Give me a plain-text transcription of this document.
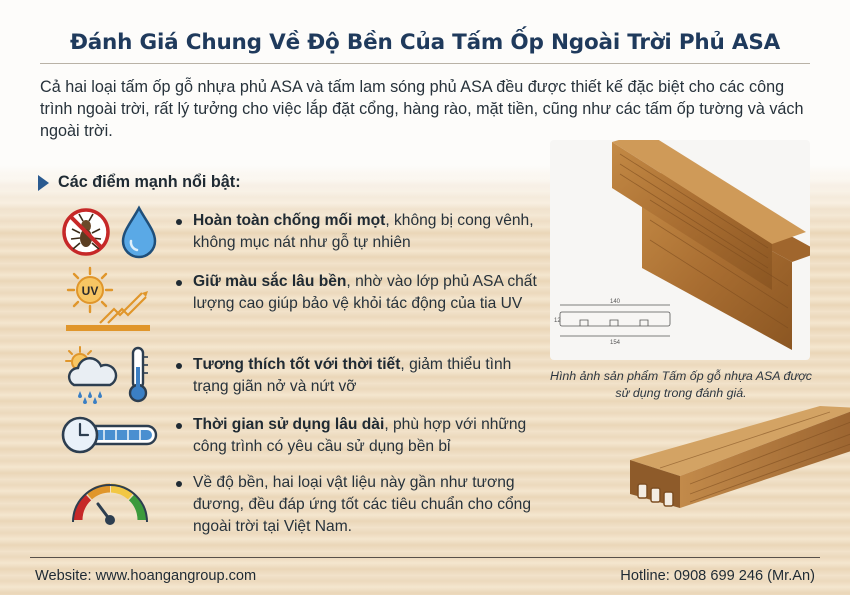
Đánh Giá Chung Về Độ Bền Của Tấm Ốp Ngoài Trời Phủ ASA

Cả hai loại tấm ốp gỗ nhựa phủ ASA và tấm lam sóng phủ ASA đều được thiết kế đặc biệt cho các công trình ngoài trời, rất lý tưởng cho việc lắp đặt cổng, hàng rào, mặt tiền, cũng như các tấm ốp tường và vách ngoài trời.

Các điểm mạnh nổi bật:
UV
Hoàn toàn chống mối mọt, không bị cong vênh, không mục nát như gỗ tự nhiên
Giữ màu sắc lâu bền, nhờ vào lớp phủ ASA chất lượng cao giúp bảo vệ khỏi tác động của tia UV
Tương thích tốt với thời tiết, giảm thiểu tình trạng giãn nở và nứt vỡ
Thời gian sử dụng lâu dài, phù hợp với những công trình có yêu cầu sử dụng bền bỉ
Về độ bền, hai loại vật liệu này gần như tương đương, đều đáp ứng tốt các tiêu chuẩn cho cổng ngoài trời tại Việt Nam.
140
12
154
Hình ảnh sản phẩm Tấm ốp gỗ nhựa ASA được sử dụng trong đánh giá.
Website: www.hoangangroup.com	Hotline: 0908 699 246 (Mr.An)
